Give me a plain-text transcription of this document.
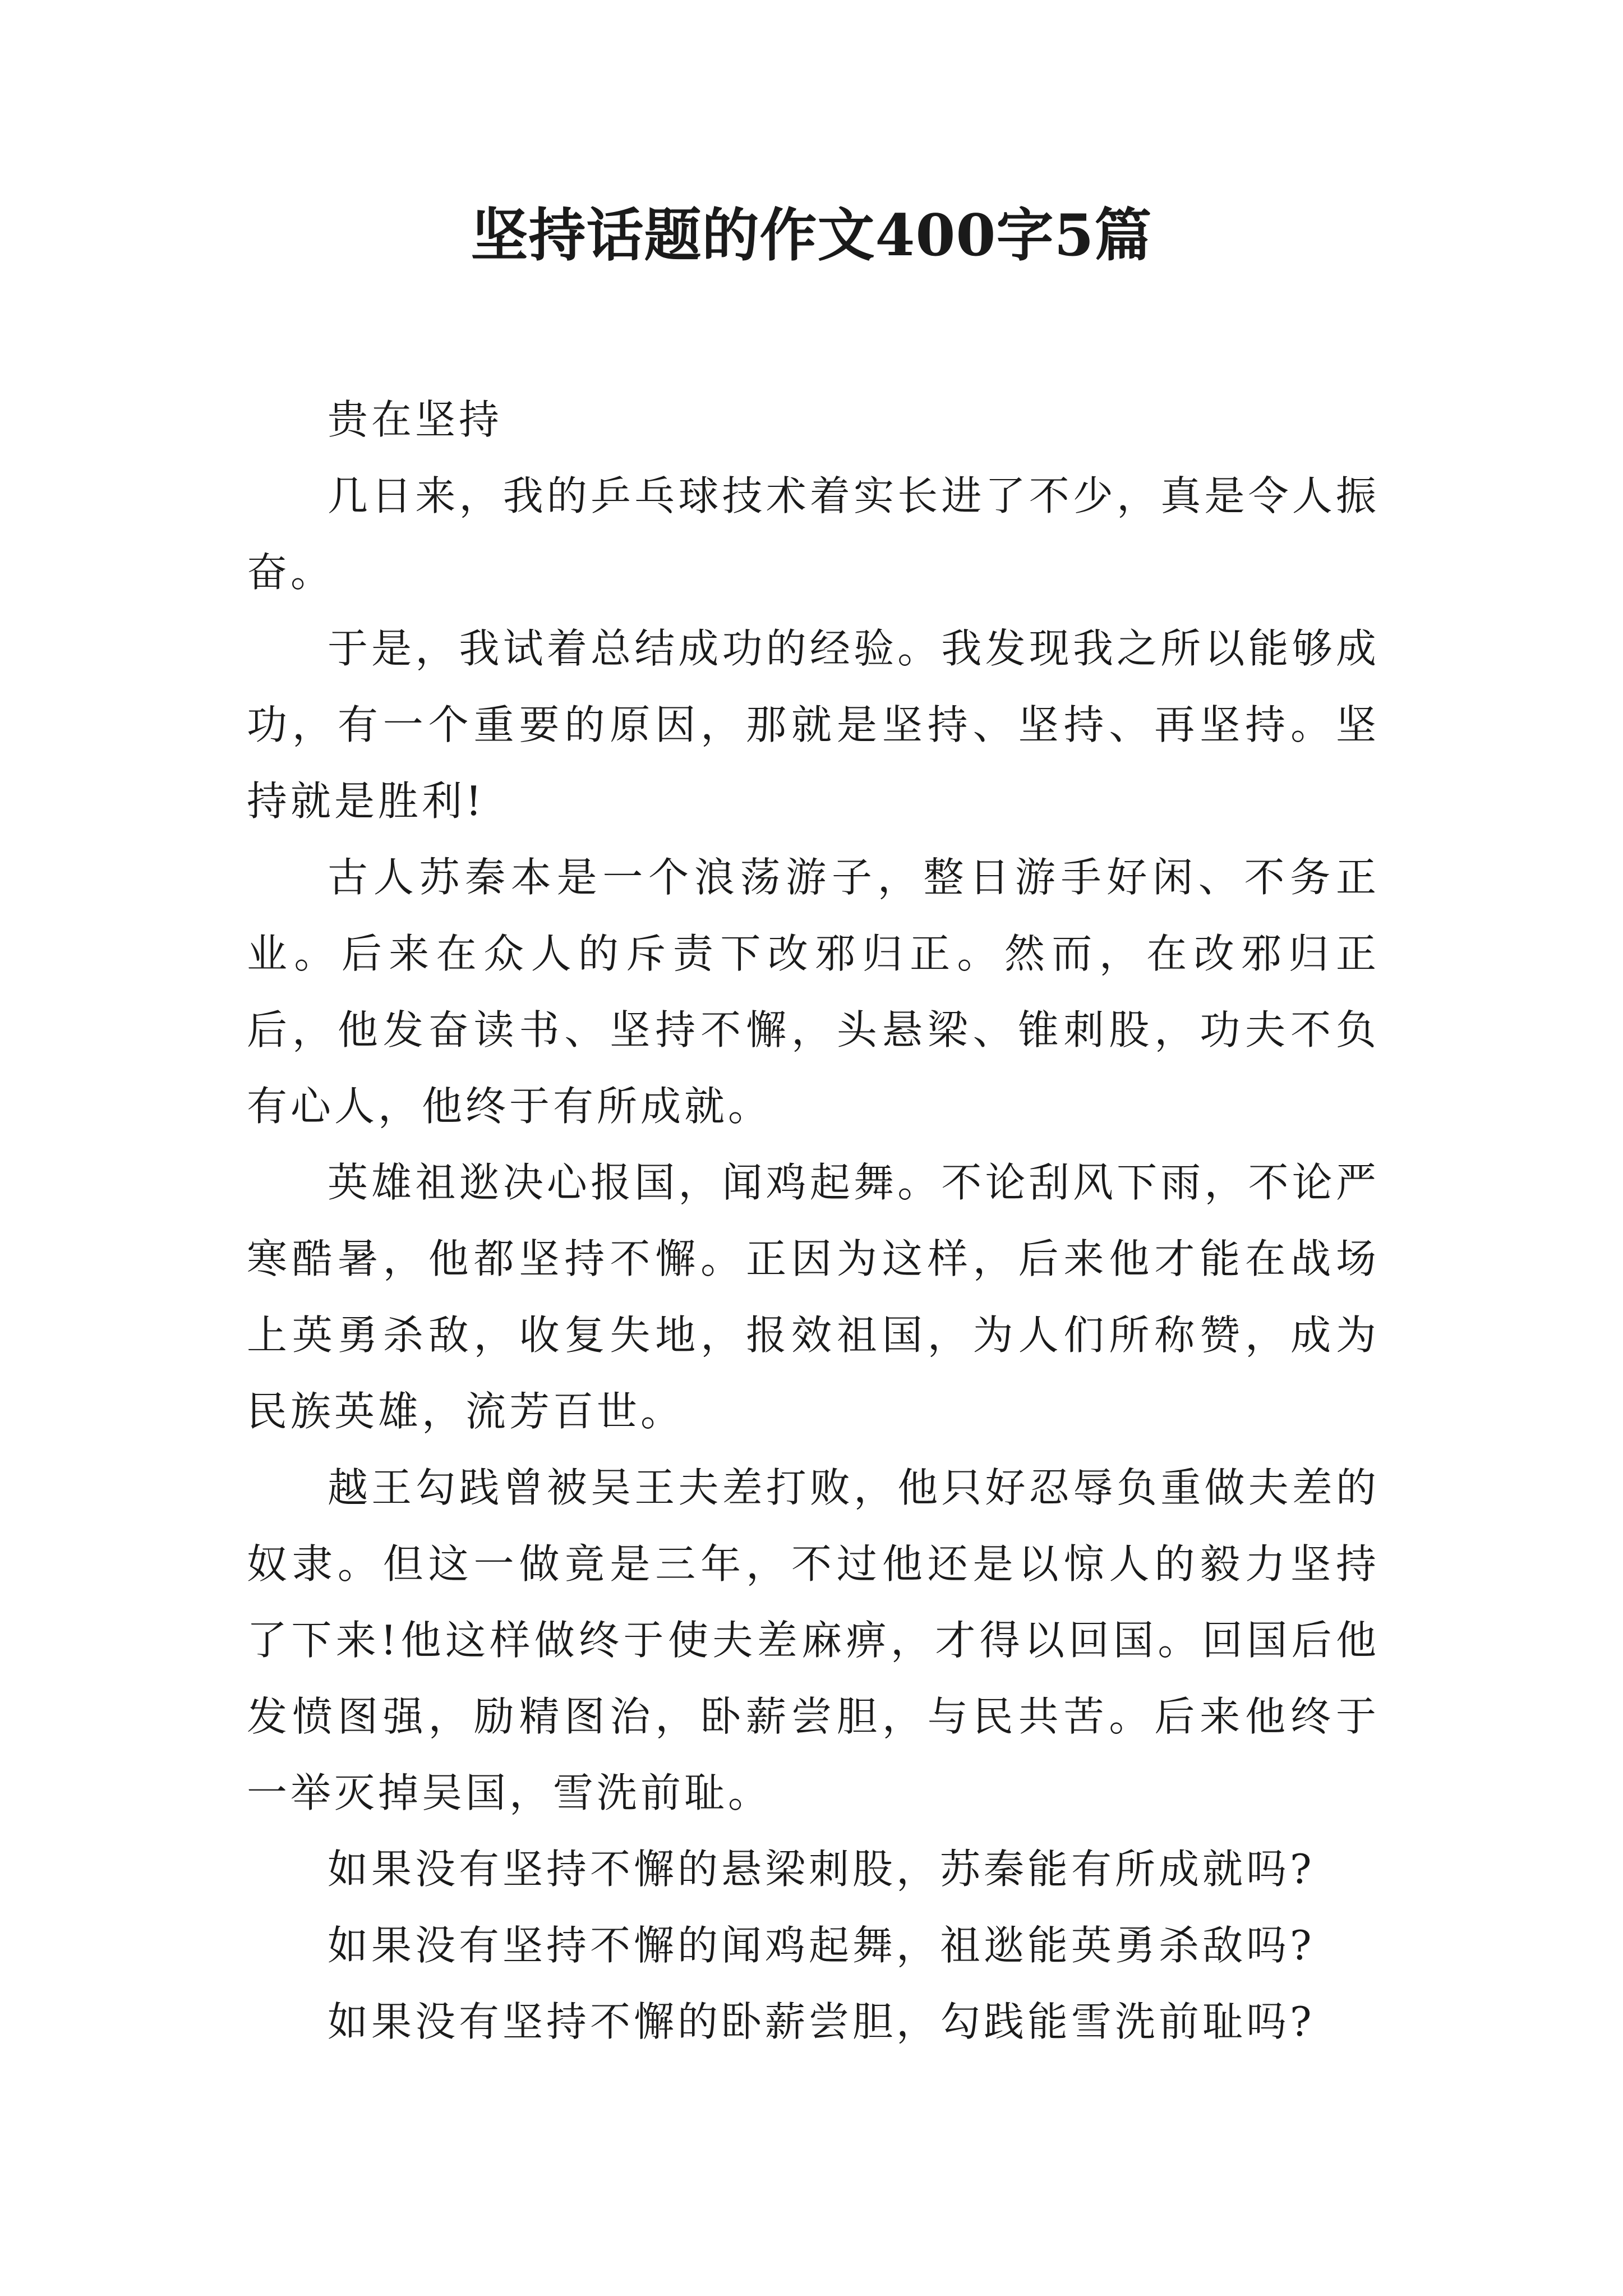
坚持话题的作文400字5篇

贵在坚持

几日来，我的乒乓球技术着实长进了不少，真是令人振奋。

于是，我试着总结成功的经验。我发现我之所以能够成功，有一个重要的原因，那就是坚持、坚持、再坚持。坚持就是胜利!

古人苏秦本是一个浪荡游子，整日游手好闲、不务正业。后来在众人的斥责下改邪归正。然而，在改邪归正后，他发奋读书、坚持不懈，头悬梁、锥刺股，功夫不负有心人，他终于有所成就。

英雄祖逖决心报国，闻鸡起舞。不论刮风下雨，不论严寒酷暑，他都坚持不懈。正因为这样，后来他才能在战场上英勇杀敌，收复失地，报效祖国，为人们所称赞，成为民族英雄，流芳百世。

越王勾践曾被吴王夫差打败，他只好忍辱负重做夫差的奴隶。但这一做竟是三年，不过他还是以惊人的毅力坚持了下来!他这样做终于使夫差麻痹，才得以回国。回国后他发愤图强，励精图治，卧薪尝胆，与民共苦。后来他终于一举灭掉吴国，雪洗前耻。

如果没有坚持不懈的悬梁刺股，苏秦能有所成就吗?

如果没有坚持不懈的闻鸡起舞，祖逖能英勇杀敌吗?

如果没有坚持不懈的卧薪尝胆，勾践能雪洗前耻吗?
